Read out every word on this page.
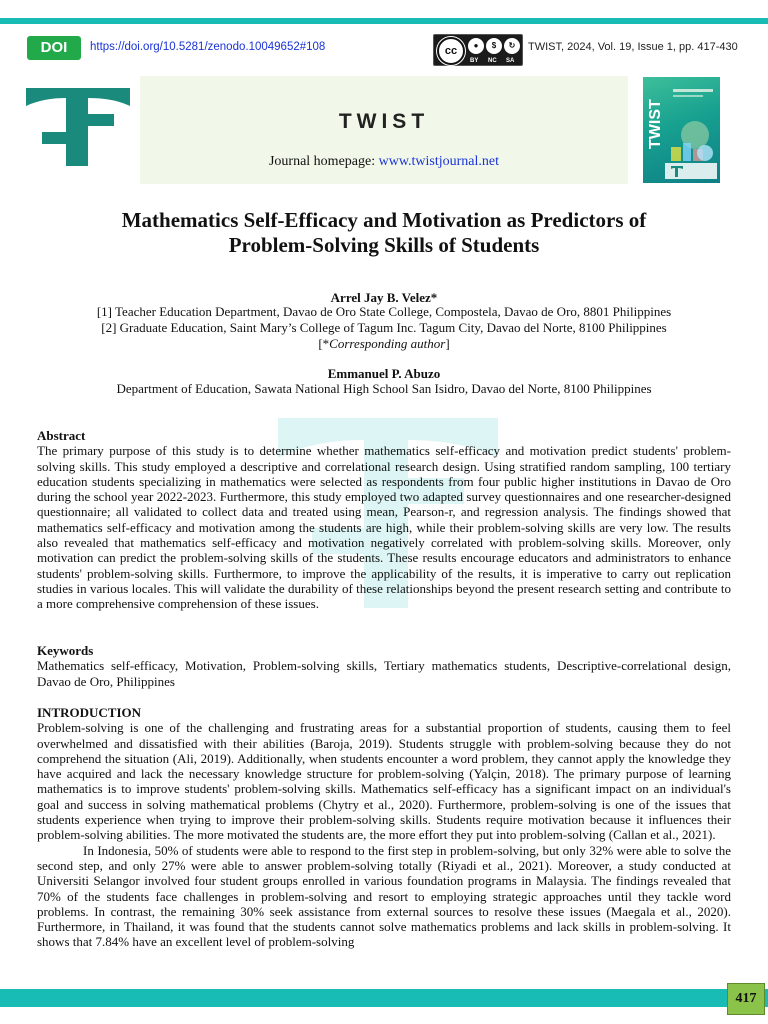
DOI	https://doi.org/10.5281/zenodo.10049652#108	cc	●	$	↻
BY NC SA
TWIST, 2024, Vol. 19, Issue 1, pp. 417-430
TWIST
Journal homepage: www.twistjournal.net
TWIST
Mathematics Self-Efficacy and Motivation as Predictors of
Problem-Solving Skills of Students
Arrel Jay B. Velez*
[1] Teacher Education Department, Davao de Oro State College, Compostela, Davao de Oro, 8801 Philippines
[2] Graduate Education, Saint Mary’s College of Tagum Inc. Tagum City, Davao del Norte, 8100 Philippines
[*Corresponding author]
Emmanuel P. Abuzo
Department of Education, Sawata National High School San Isidro, Davao del Norte, 8100 Philippines
Abstract
The primary purpose of this study is to determine whether mathematics self-efficacy and motivation predict students' problem-solving skills. This study employed a descriptive and correlational research design. Using stratified random sampling, 100 tertiary education students specializing in mathematics were selected as respondents from four public higher institutions in Davao de Oro during the school year 2022-2023. Furthermore, this study employed two adapted survey questionnaires and one researcher-designed questionnaire; all validated to collect data and treated using mean, Pearson-r, and regression analysis. The findings showed that mathematics self-efficacy and motivation among the students are high, while their problem-solving skills are very low. The results also revealed that mathematics self-efficacy and motivation negatively correlated with problem-solving skills. Moreover, only motivation can predict the problem-solving skills of the students. These results encourage educators and administrators to enhance students' problem-solving skills. Furthermore, to improve the applicability of the results, it is imperative to carry out replication studies in various locales. This will validate the durability of these relationships beyond the present research setting and contribute to a more comprehensive comprehension of these issues.
Keywords
Mathematics self-efficacy, Motivation, Problem-solving skills, Tertiary mathematics students, Descriptive-correlational design, Davao de Oro, Philippines
INTRODUCTION
Problem-solving is one of the challenging and frustrating areas for a substantial proportion of students, causing them to feel overwhelmed and dissatisfied with their abilities (Baroja, 2019). Students struggle with problem-solving because they do not comprehend the situation (Ali, 2019). Additionally, when students encounter a word problem, they cannot apply the knowledge they have acquired and lack the necessary knowledge structure for problem-solving (Yalçin, 2018). The primary purpose of learning mathematics is to improve students' problem-solving skills. Mathematics self-efficacy has a significant impact on an individual's goal and success in solving mathematical problems (Chytry et al., 2020). Furthermore, problem-solving is one of the issues that students experience when trying to improve their problem-solving skills. Students require motivation because it influences their problem-solving abilities. The more motivated the students are, the more effort they put into problem-solving (Callan et al., 2021).
In Indonesia, 50% of students were able to respond to the first step in problem-solving, but only 32% were able to solve the second step, and only 27% were able to answer problem-solving totally (Riyadi et al., 2021). Moreover, a study conducted at Universiti Selangor involved four student groups enrolled in various foundation programs in Malaysia. The findings revealed that 70% of the students face challenges in problem-solving and resort to employing strategic approaches until they tackle word problems. In contrast, the remaining 30% seek assistance from external sources to resolve these issues (Maegala et al., 2020). Furthermore, in Thailand, it was found that the students cannot solve mathematics problems and lack skills in problem-solving. It shows that 7.84% have an excellent level of problem-solving
417
